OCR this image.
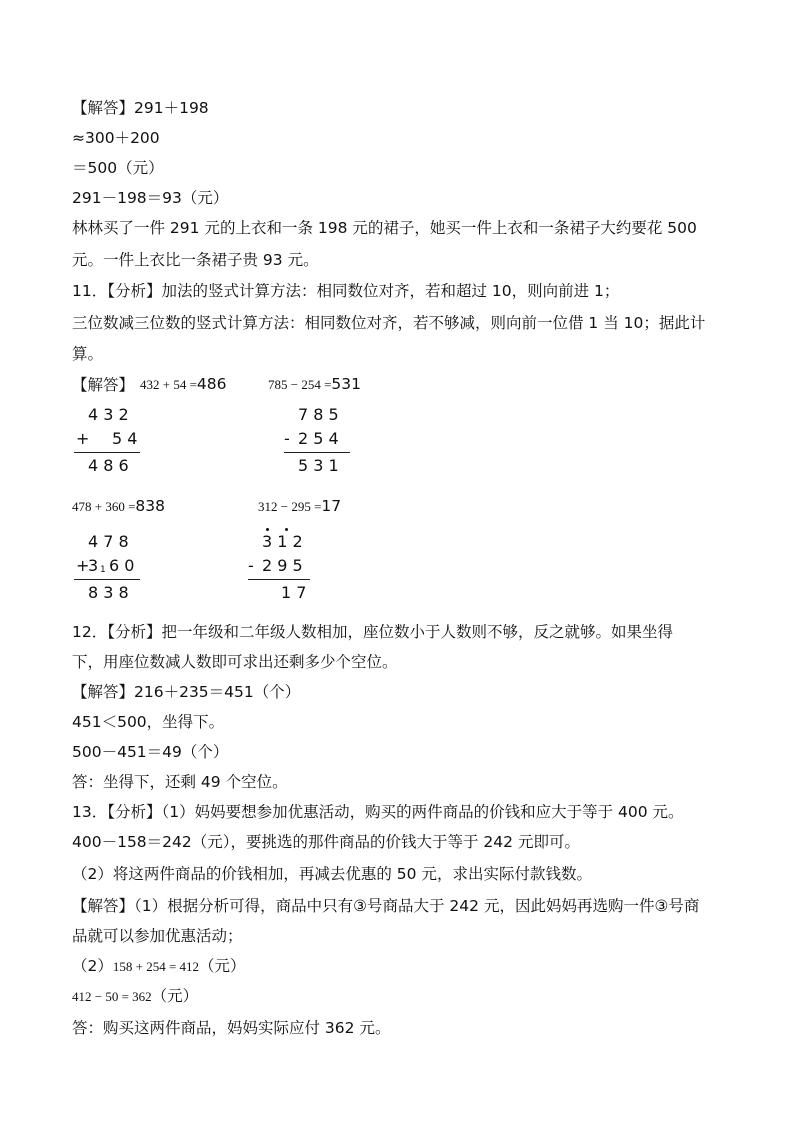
【解答】291＋198
≈300＋200
＝500（元）
291－198＝93（元）
林林买了一件 291 元的上衣和一条 198 元的裙子，她买一件上衣和一条裙子大约要花 500
元。一件上衣比一条裙子贵 93 元。
11．【分析】加法的竖式计算方法：相同数位对齐，若和超过 10，则向前进 1；
三位数减三位数的竖式计算方法：相同数位对齐，若不够减，则向前一位借 1 当 10；据此计
算。
【解答】 432 + 54 =486	785 − 254 =531
4 3 2
+ 5 4
4 8 6
7 8 5
- 2 5 4
5 3 1
478 + 360 =838	312 − 295 =17
4 7 8
+
3 1 6 0
8 3 8
3 1 2
- 2 9 5
1 7
12．【分析】把一年级和二年级人数相加，座位数小于人数则不够，反之就够。如果坐得
下，用座位数减人数即可求出还剩多少个空位。
【解答】216＋235＝451（个）
451＜500，坐得下。
500－451＝49（个）
答：坐得下，还剩 49 个空位。
13．【分析】（1）妈妈要想参加优惠活动，购买的两件商品的价钱和应大于等于 400 元。
400－158＝242（元），要挑选的那件商品的价钱大于等于 242 元即可。
（2）将这两件商品的价钱相加，再减去优惠的 50 元，求出实际付款钱数。
【解答】（1）根据分析可得，商品中只有③号商品大于 242 元，因此妈妈再选购一件③号商
品就可以参加优惠活动；
（2）158 + 254 = 412（元）
412 − 50 = 362（元）
答：购买这两件商品，妈妈实际应付 362 元。
